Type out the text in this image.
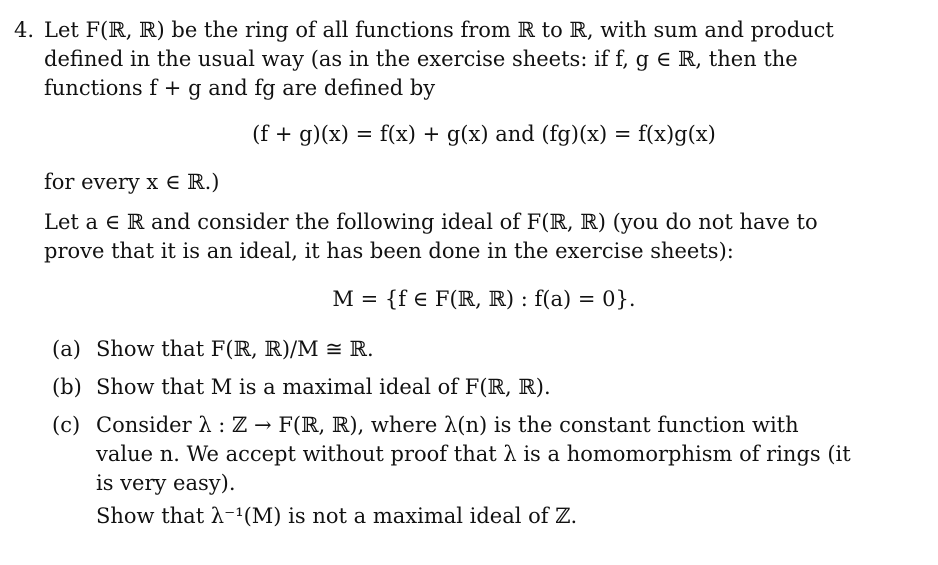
4. Let F(ℝ, ℝ) be the ring of all functions from ℝ to ℝ, with sum and product
defined in the usual way (as in the exercise sheets: if f, g ∈ ℝ, then the
functions f + g and fg are defined by
(f + g)(x) = f(x) + g(x) and (fg)(x) = f(x)g(x)
for every x ∈ ℝ.)
Let a ∈ ℝ and consider the following ideal of F(ℝ, ℝ) (you do not have to
prove that it is an ideal, it has been done in the exercise sheets):
M = {f ∈ F(ℝ, ℝ) : f(a) = 0}.
(a) Show that F(ℝ, ℝ)/M ≅ ℝ.
(b) Show that M is a maximal ideal of F(ℝ, ℝ).
(c) Consider λ : ℤ → F(ℝ, ℝ), where λ(n) is the constant function with
value n. We accept without proof that λ is a homomorphism of rings (it
is very easy).
Show that λ⁻¹(M) is not a maximal ideal of ℤ.
